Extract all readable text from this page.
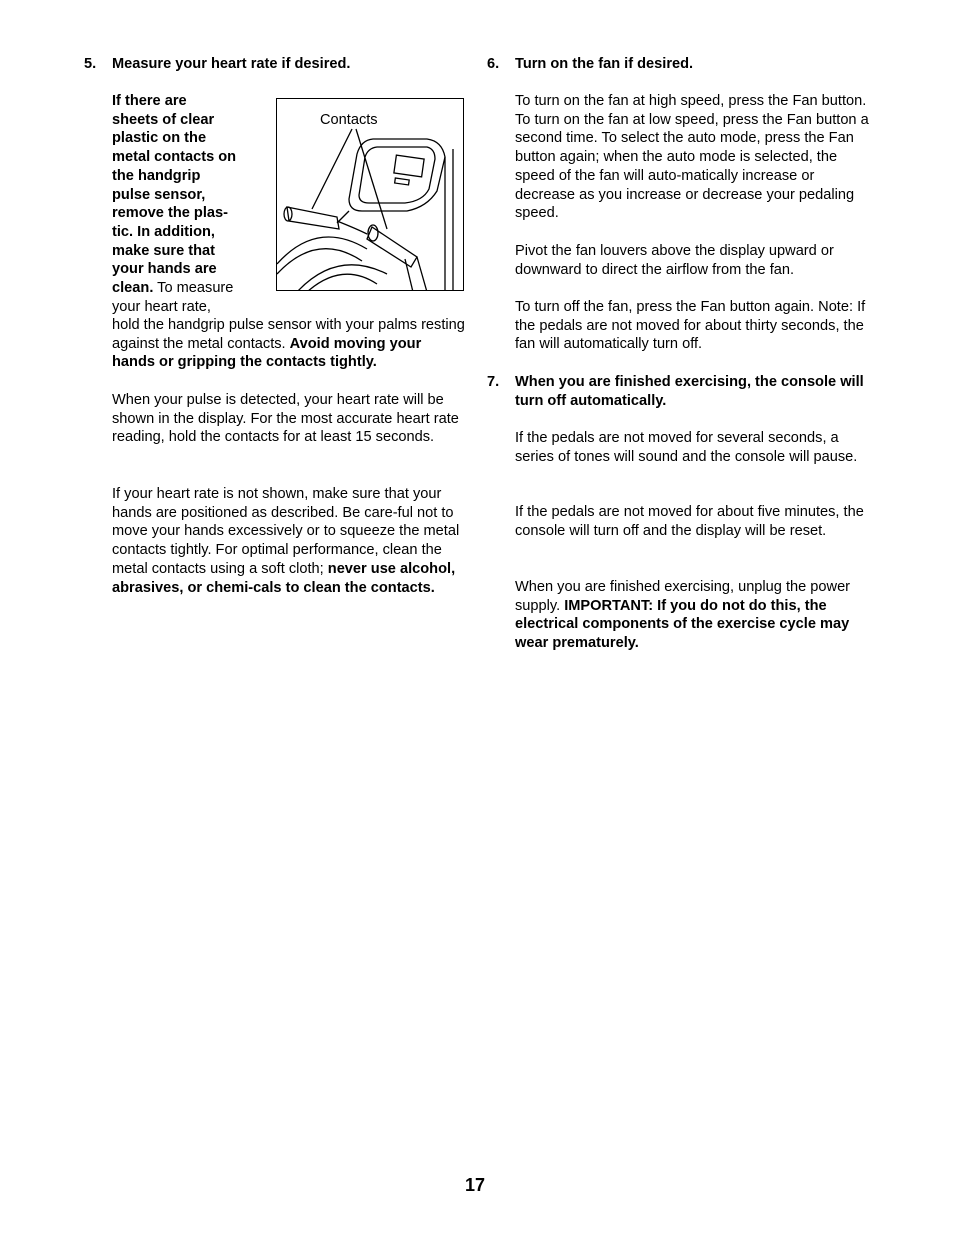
5. Measure your heart rate if desired.
If there are
sheets of clear
plastic on the
metal contacts on
the handgrip
pulse sensor,
remove the plas-
tic. In addition,
make sure that
your hands are
clean. To measure
your heart rate,

hold the handgrip pulse sensor with your palms resting against the metal contacts. Avoid moving your hands or gripping the contacts tightly.

When your pulse is detected, your heart rate will be shown in the display. For the most accurate heart rate reading, hold the contacts for at least 15 seconds.

If your heart rate is not shown, make sure that your hands are positioned as described. Be care-ful not to move your hands excessively or to squeeze the metal contacts tightly. For optimal performance, clean the metal contacts using a soft cloth; never use alcohol, abrasives, or chemi-cals to clean the contacts.

Contacts
6. Turn on the fan if desired.

To turn on the fan at high speed, press the Fan button. To turn on the fan at low speed, press the Fan button a second time. To select the auto mode, press the Fan button again; when the auto mode is selected, the speed of the fan will auto-matically increase or decrease as you increase or decrease your pedaling speed.

Pivot the fan louvers above the display upward or downward to direct the airflow from the fan.

To turn off the fan, press the Fan button again. Note: If the pedals are not moved for about thirty seconds, the fan will automatically turn off.

7. When you are finished exercising, the console will turn off automatically.

If the pedals are not moved for several seconds, a series of tones will sound and the console will pause.

If the pedals are not moved for about five minutes, the console will turn off and the display will be reset.

When you are finished exercising, unplug the power supply. IMPORTANT: If you do not do this, the electrical components of the exercise cycle may wear prematurely.

17
